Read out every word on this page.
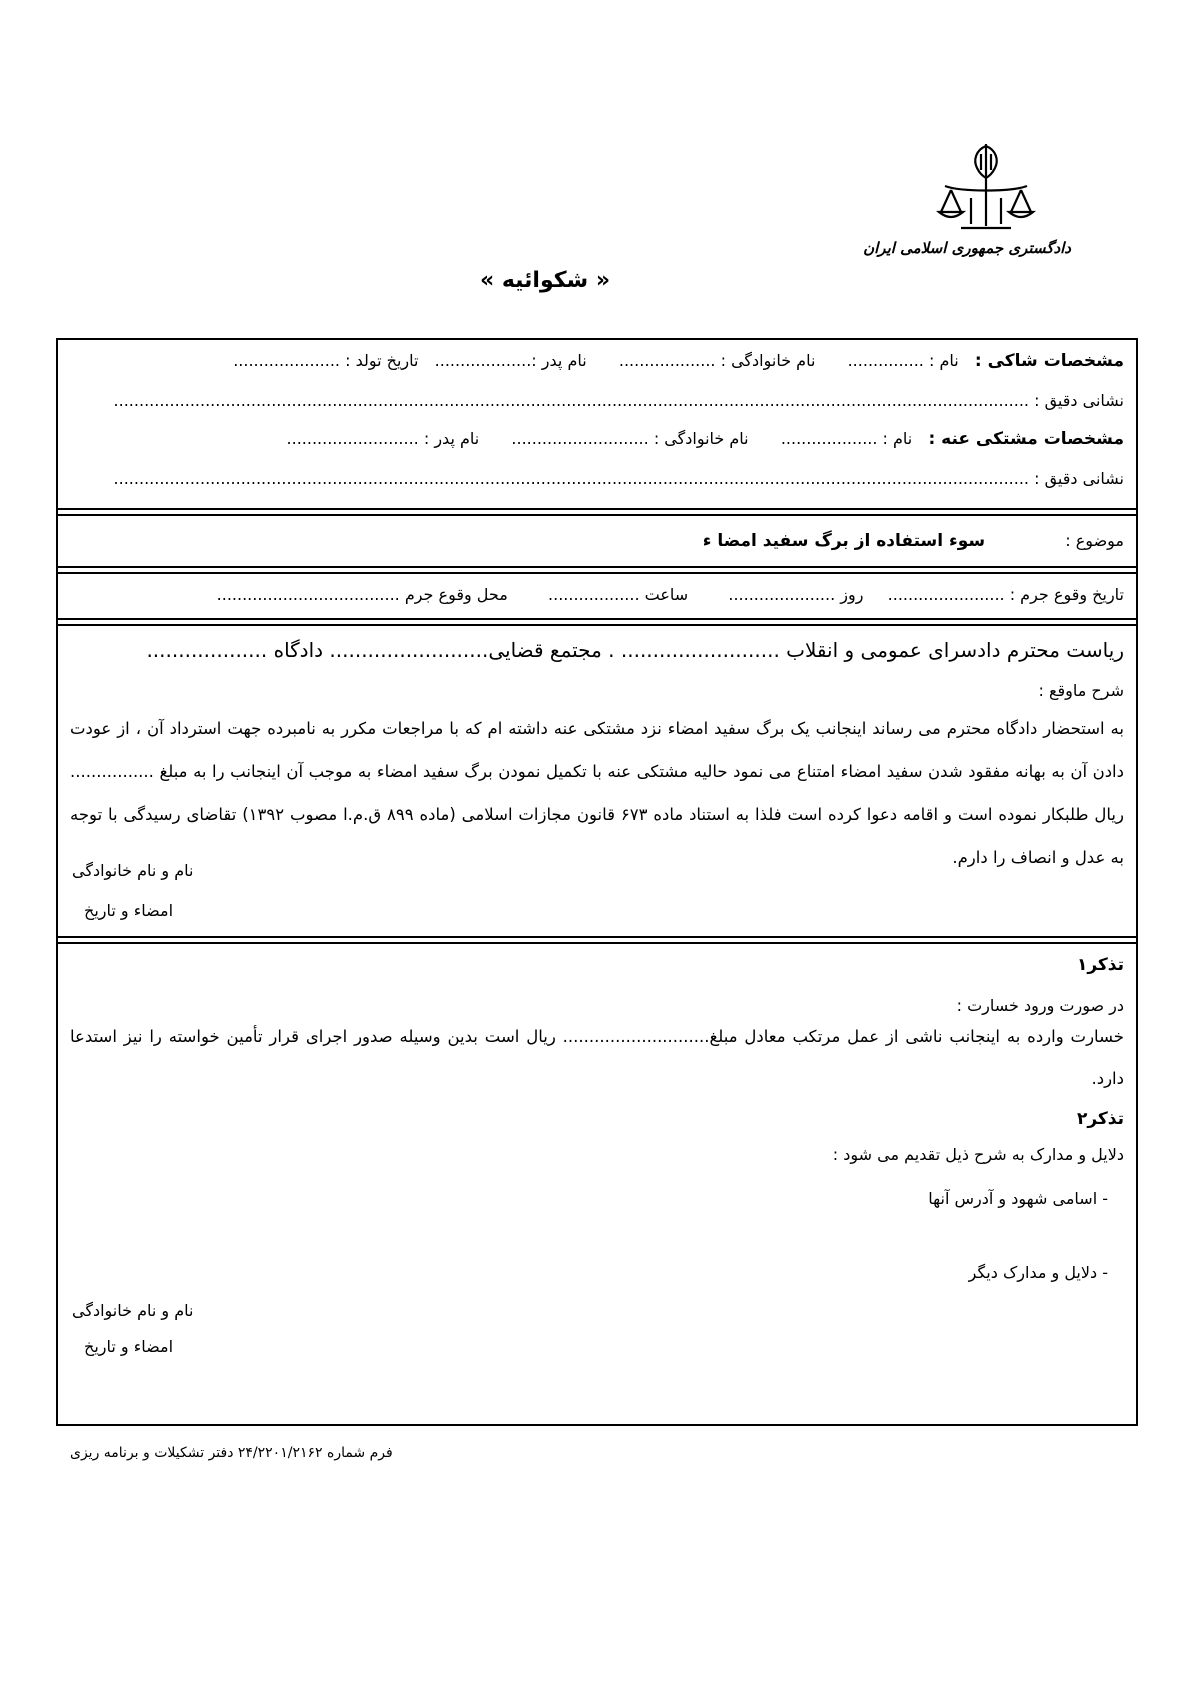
دادگستری جمهوری اسلامی ایران
« شکوائیه »
مشخصات شاکی :  نام : ...............  نام خانوادگی : ...................  نام پدر :...................  تاریخ تولد : .....................
نشانی دقیق : ....................................................................................................................................................................................
مشخصات مشتکی عنه :  نام : ...................  نام خانوادگی : ...........................  نام پدر : ..........................
نشانی دقیق : ....................................................................................................................................................................................
موضوع :  سوء استفاده از برگ سفید امضا ء
تاریخ وقوع جرم : .......................  روز .....................  ساعت ..................  محل وقوع جرم ....................................
ریاست محترم دادسرای عمومی و انقلاب ......................... . مجتمع قضایی......................... دادگاه ...................
شرح ماوقع :
به استحضار دادگاه محترم می رساند اینجانب یک برگ سفید امضاء نزد مشتکی عنه داشته ام که با مراجعات مکرر به نامبرده جهت استرداد آن ، از عودت دادن آن به بهانه مفقود شدن سفید امضاء امتناع می نمود حالیه مشتکی عنه با تکمیل نمودن برگ سفید امضاء به موجب آن اینجانب را به مبلغ ................ ریال طلبکار نموده است و اقامه دعوا کرده است فلذا به استناد ماده ۶۷۳ قانون مجازات اسلامی (ماده ۸۹۹ ق.م.ا مصوب ۱۳۹۲) تقاضای رسیدگی با توجه به عدل و انصاف را دارم.
نام و نام خانوادگی
امضاء و تاریخ
تذکر۱
در صورت ورود خسارت :
خسارت وارده به اینجانب ناشی از عمل مرتکب معادل مبلغ............................ ریال است بدین وسیله صدور اجرای قرار تأمین خواسته را نیز استدعا دارد.
تذکر۲
دلایل و مدارک به شرح ذیل تقدیم می شود :
- اسامی شهود و آدرس آنها
- دلایل و مدارک دیگر
نام و نام خانوادگی
امضاء و تاریخ
فرم شماره ۲۴/۲۲۰۱/۲۱۶۲ دفتر تشکیلات و برنامه ریزی
